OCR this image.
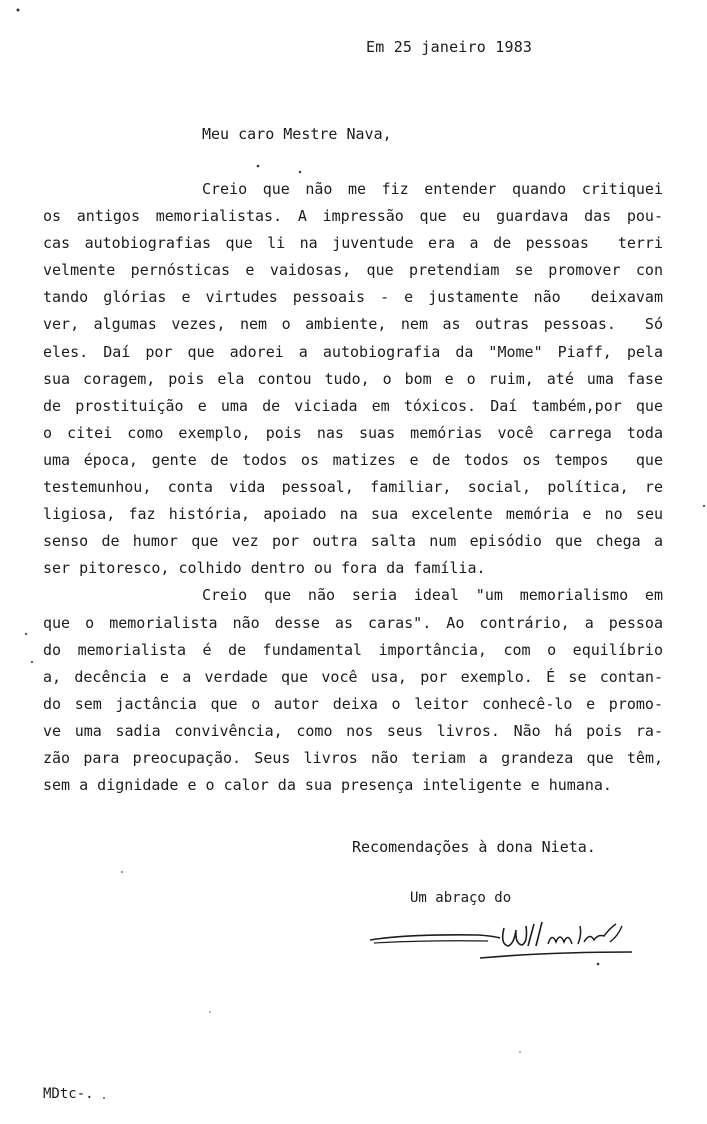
Em 25 janeiro 1983
Meu caro Mestre Nava,
Creio que não me fiz entender quando critiquei
os antigos memorialistas. A impressão que eu guardava das pou-
cas autobiografias que li na juventude era a de pessoas  terri
velmente pernósticas e vaidosas, que pretendiam se promover con
tando glórias e virtudes pessoais - e justamente não  deixavam
ver, algumas vezes, nem o ambiente, nem as outras pessoas.  Só
eles. Daí por que adorei a autobiografia da "Mome" Piaff, pela
sua coragem, pois ela contou tudo, o bom e o ruim, até uma fase
de prostituição e uma de viciada em tóxicos. Daí também,por que
o citei como exemplo, pois nas suas memórias você carrega toda
uma época, gente de todos os matizes e de todos os tempos  que
testemunhou, conta vida pessoal, familiar, social, política, re
ligiosa, faz história, apoiado na sua excelente memória e no seu
senso de humor que vez por outra salta num episódio que chega a
ser pitoresco, colhido dentro ou fora da família.
Creio que não seria ideal "um memorialismo em
que o memorialista não desse as caras". Ao contrário, a pessoa
do memorialista é de fundamental importância, com o equilíbrio
a, decência e a verdade que você usa, por exemplo. É se contan-
do sem jactância que o autor deixa o leitor conhecê-lo e promo-
ve uma sadia convivência, como nos seus livros. Não há pois ra-
zão para preocupação. Seus livros não teriam a grandeza que têm,
sem a dignidade e o calor da sua presença inteligente e humana.
Recomendações à dona Nieta.
Um abraço do
MDtc-.
